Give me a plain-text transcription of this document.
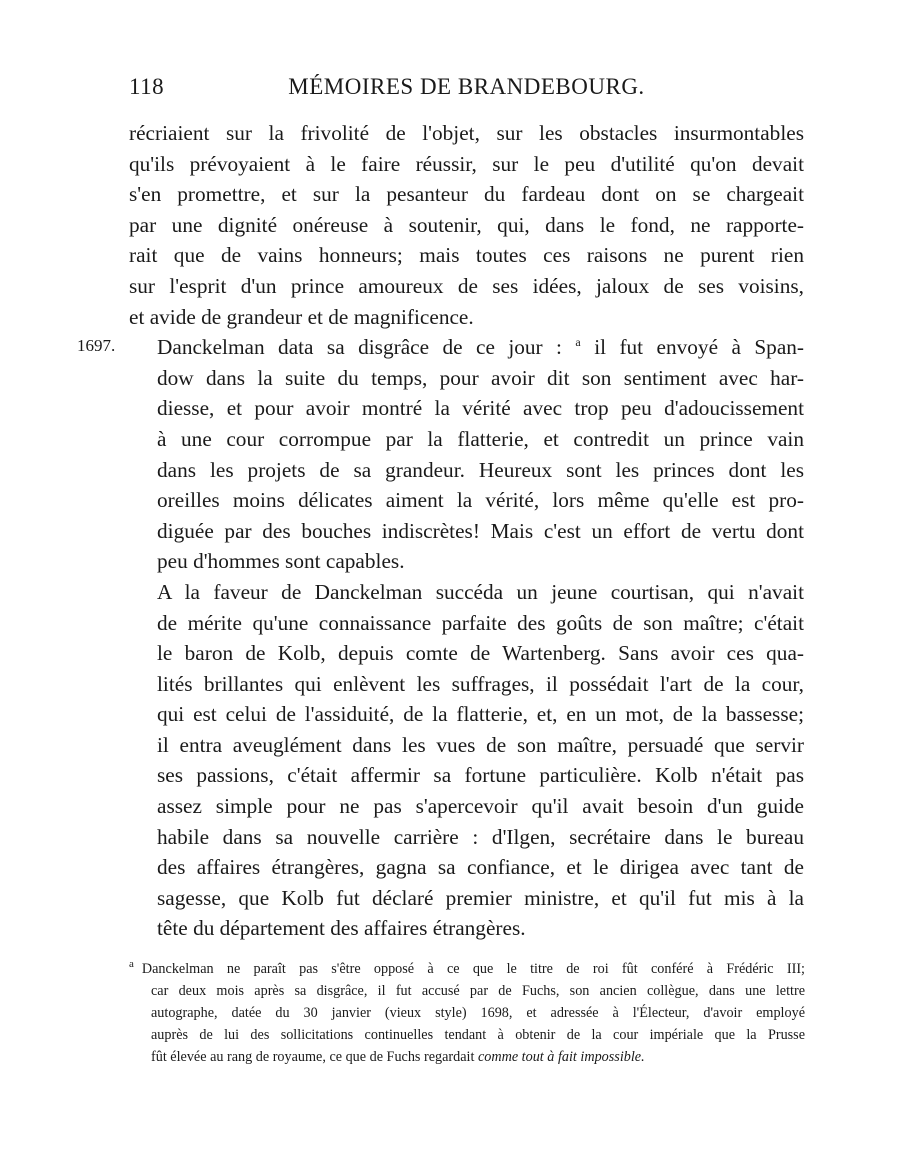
118	MÉMOIRES DE BRANDEBOURG.
1697.

récriaient sur la frivolité de l'objet, sur les obstacles insurmontables
qu'ils prévoyaient à le faire réussir, sur le peu d'utilité qu'on devait
s'en promettre, et sur la pesanteur du fardeau dont on se chargeait
par une dignité onéreuse à soutenir, qui, dans le fond, ne rapporte-
rait que de vains honneurs; mais toutes ces raisons ne purent rien
sur l'esprit d'un prince amoureux de ses idées, jaloux de ses voisins,
et avide de grandeur et de magnificence.

Danckelman data sa disgrâce de ce jour : $^a$ il fut envoyé à Span-
dow dans la suite du temps, pour avoir dit son sentiment avec har-
diesse, et pour avoir montré la vérité avec trop peu d'adoucissement
à une cour corrompue par la flatterie, et contredit un prince vain
dans les projets de sa grandeur. Heureux sont les princes dont les
oreilles moins délicates aiment la vérité, lors même qu'elle est pro-
diguée par des bouches indiscrètes! Mais c'est un effort de vertu dont
peu d'hommes sont capables.

A la faveur de Danckelman succéda un jeune courtisan, qui n'avait
de mérite qu'une connaissance parfaite des goûts de son maître; c'était
le baron de Kolb, depuis comte de Wartenberg. Sans avoir ces qua-
lités brillantes qui enlèvent les suffrages, il possédait l'art de la cour,
qui est celui de l'assiduité, de la flatterie, et, en un mot, de la bassesse;
il entra aveuglément dans les vues de son maître, persuadé que servir
ses passions, c'était affermir sa fortune particulière. Kolb n'était pas
assez simple pour ne pas s'apercevoir qu'il avait besoin d'un guide
habile dans sa nouvelle carrière : d'Ilgen, secrétaire dans le bureau
des affaires étrangères, gagna sa confiance, et le dirigea avec tant de
sagesse, que Kolb fut déclaré premier ministre, et qu'il fut mis à la
tête du département des affaires étrangères.

$^a$ Danckelman ne paraît pas s'être opposé à ce que le titre de roi fût conféré à Frédéric III;
car deux mois après sa disgrâce, il fut accusé par de Fuchs, son ancien collègue, dans une lettre
autographe, datée du 30 janvier (vieux style) 1698, et adressée à l'Électeur, d'avoir employé
auprès de lui des sollicitations continuelles tendant à obtenir de la cour impériale que la Prusse
fût élevée au rang de royaume, ce que de Fuchs regardait comme tout à fait impossible.
